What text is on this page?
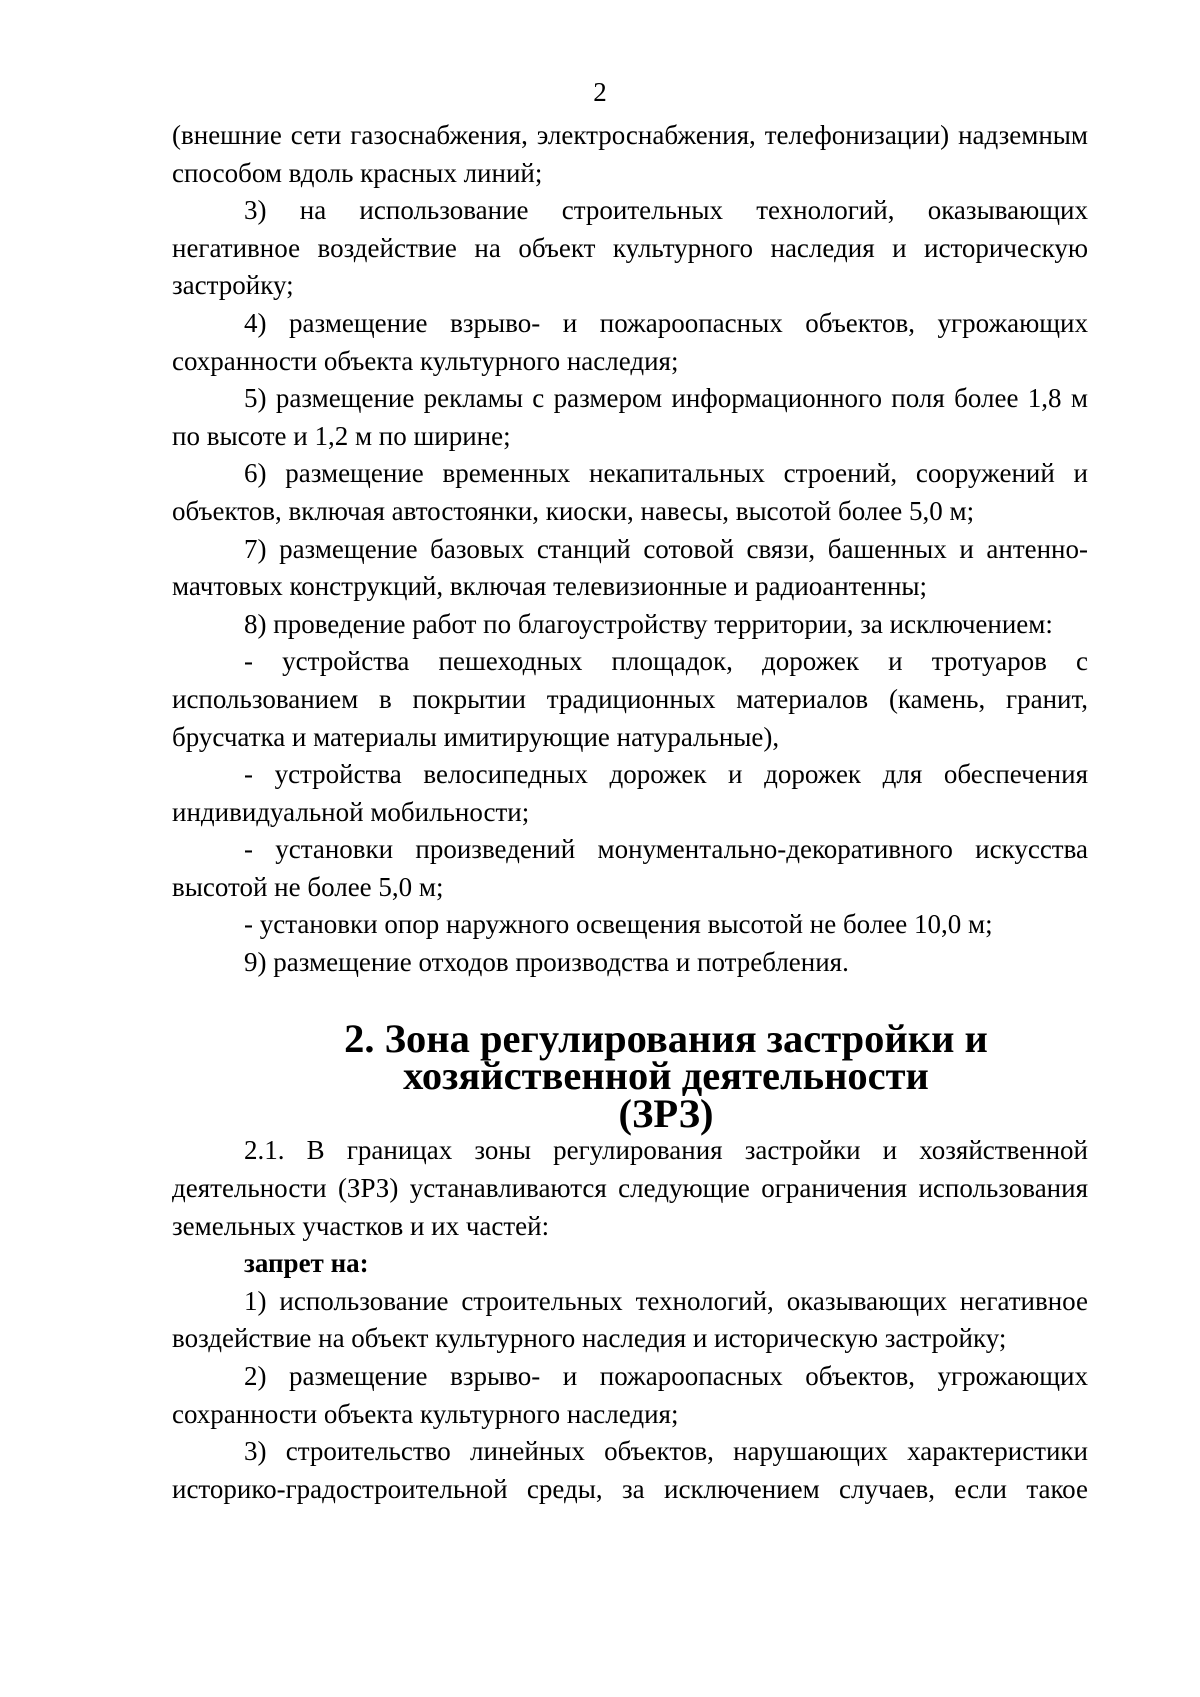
2

(внешние сети газоснабжения, электроснабжения, телефонизации) надземным способом вдоль красных линий;

3) на использование строительных технологий, оказывающих негативное воздействие на объект культурного наследия и историческую застройку;

4) размещение взрыво- и пожароопасных объектов, угрожающих сохранности объекта культурного наследия;

5) размещение рекламы с размером информационного поля более 1,8 м по высоте и 1,2 м по ширине;

6) размещение временных некапитальных строений, сооружений и объектов, включая автостоянки, киоски, навесы, высотой более 5,0 м;

7) размещение базовых станций сотовой связи, башенных и антенно-мачтовых конструкций, включая телевизионные и радиоантенны;

8) проведение работ по благоустройству территории, за исключением:

- устройства пешеходных площадок, дорожек и тротуаров с использованием в покрытии традиционных материалов (камень, гранит, брусчатка и материалы имитирующие натуральные),

- устройства велосипедных дорожек и дорожек для обеспечения индивидуальной мобильности;

- установки произведений монументально-декоративного искусства высотой не более 5,0 м;

- установки опор наружного освещения высотой не более 10,0 м;

9) размещение отходов производства и потребления.

2. Зона регулирования застройки и хозяйственной деятельности
(ЗРЗ)

2.1. В границах зоны регулирования застройки и хозяйственной деятельности (ЗРЗ) устанавливаются следующие ограничения использования земельных участков и их частей:

запрет на:

1) использование строительных технологий, оказывающих негативное воздействие на объект культурного наследия и историческую застройку;

2) размещение взрыво- и пожароопасных объектов, угрожающих сохранности объекта культурного наследия;

3) строительство линейных объектов, нарушающих характеристики историко-градостроительной среды, за исключением случаев, если такое
